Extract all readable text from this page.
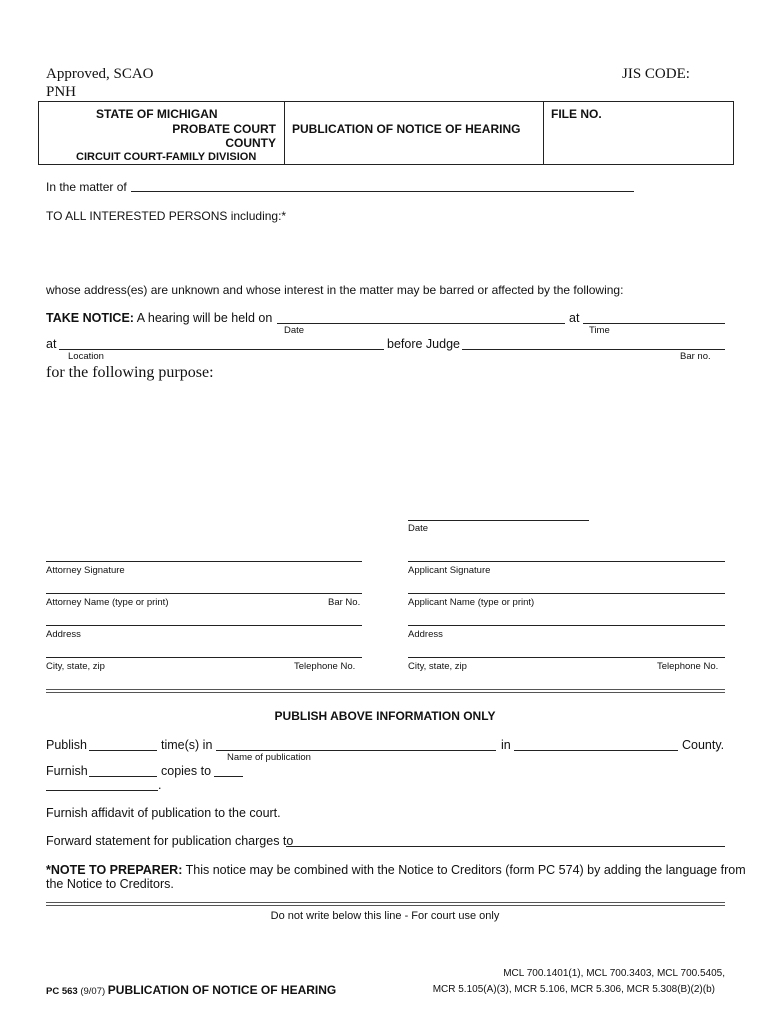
Approved, SCAO
PNH
JIS CODE:
STATE OF MICHIGAN
PROBATE COURT
COUNTY
CIRCUIT COURT-FAMILY DIVISION
PUBLICATION OF NOTICE OF HEARING
FILE NO.
In the matter of
TO ALL INTERESTED PERSONS including:*
whose address(es) are unknown and whose interest in the matter may be barred or affected by the following:
TAKE NOTICE: A hearing will be held on	at
Date	Time
at	before Judge
Location	Bar no.
for the following purpose:
Date
Attorney Signature	Applicant Signature
Attorney Name (type or print)	Bar No.	Applicant Name (type or print)
Address	Address
City, state, zip	Telephone No.	City, state, zip	Telephone No.
PUBLISH ABOVE INFORMATION ONLY
Publish	time(s) in	in	County.
Name of publication
Furnish	copies to
.
Furnish affidavit of publication to the court.
Forward statement for publication charges to
*NOTE TO PREPARER: This notice may be combined with the Notice to Creditors (form PC 574) by adding the language from
the Notice to Creditors.
Do not write below this line - For court use only
PC 563 (9/07) PUBLICATION OF NOTICE OF HEARING
MCL 700.1401(1), MCL 700.3403, MCL 700.5405,
MCR 5.105(A)(3), MCR 5.106, MCR 5.306, MCR 5.308(B)(2)(b)
